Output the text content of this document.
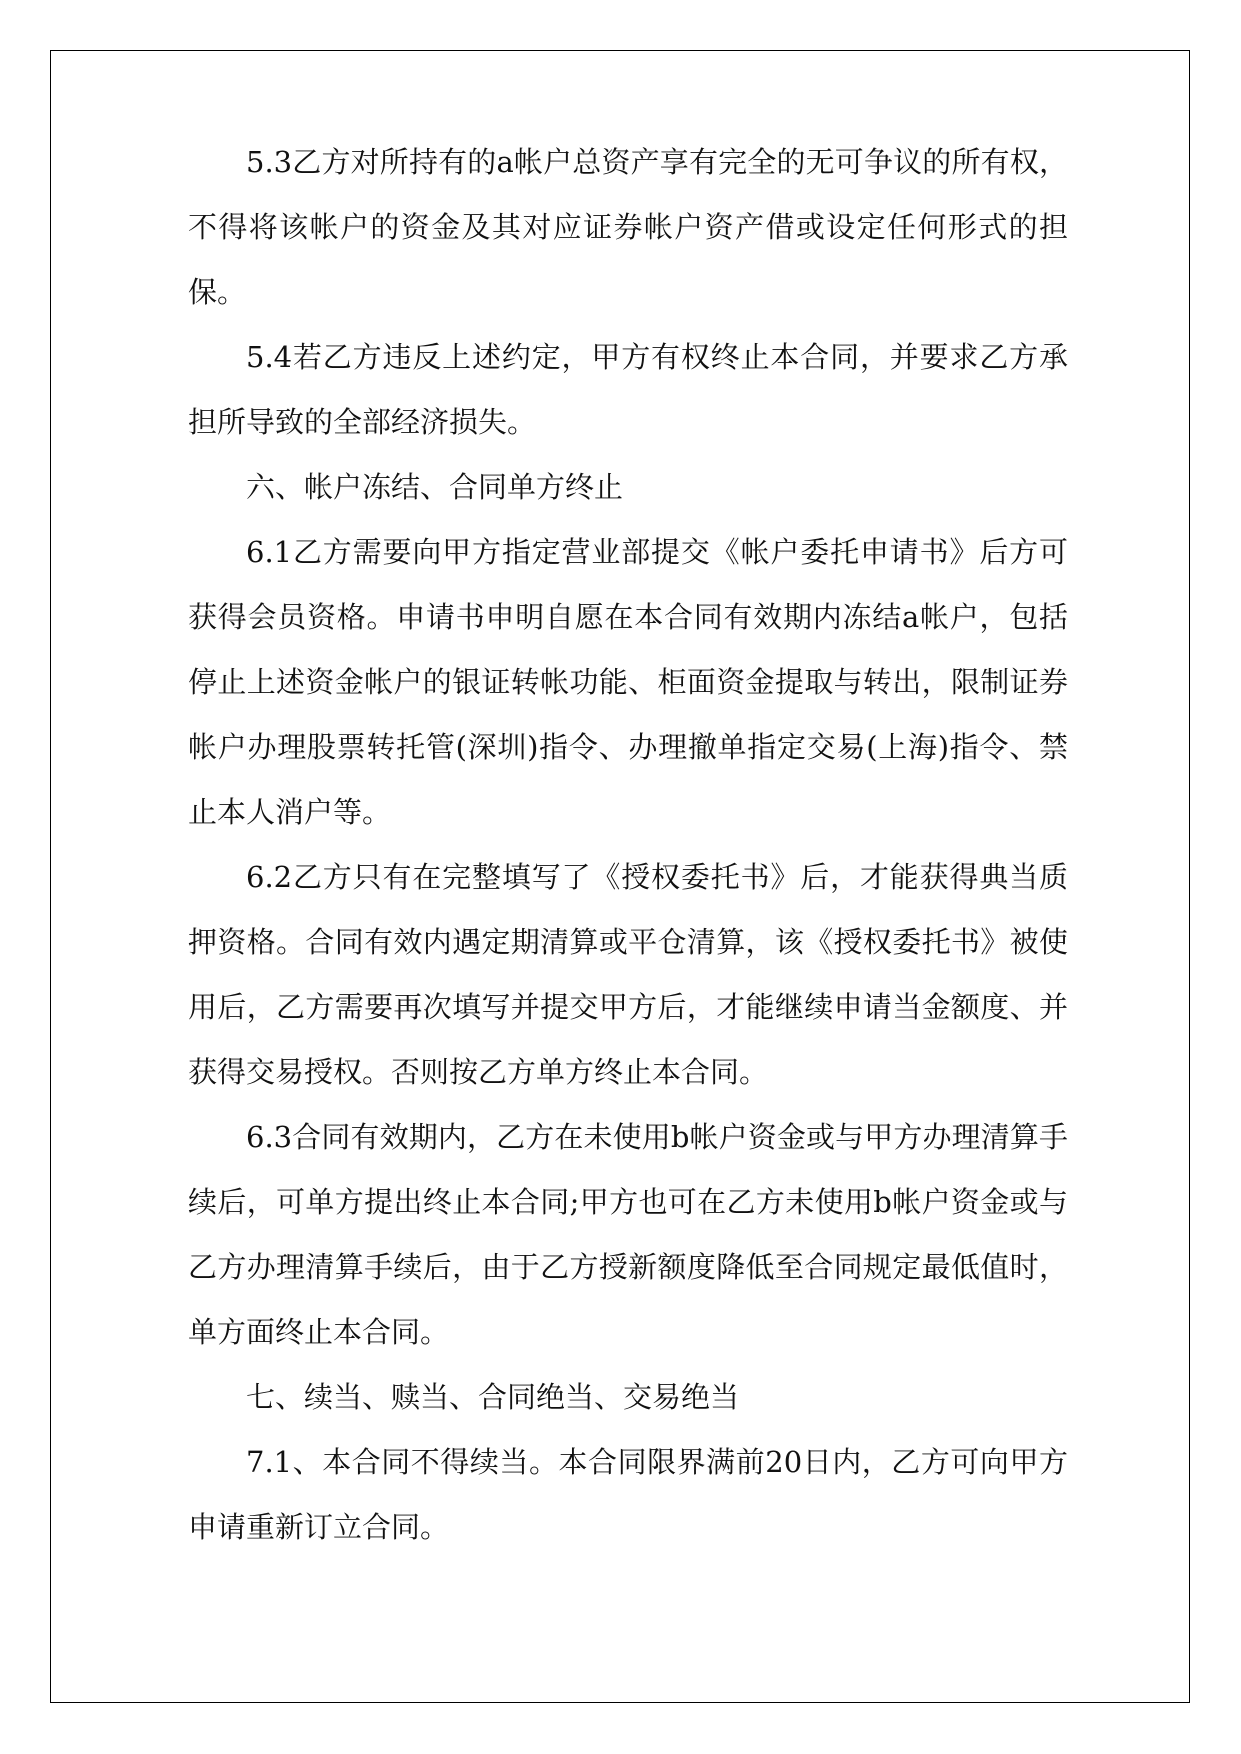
5.3乙方对所持有的a帐户总资产享有完全的无可争议的所有权，不得将该帐户的资金及其对应证券帐户资产借或设定任何形式的担保。

5.4若乙方违反上述约定，甲方有权终止本合同，并要求乙方承担所导致的全部经济损失。

六、帐户冻结、合同单方终止

6.1乙方需要向甲方指定营业部提交《帐户委托申请书》后方可获得会员资格。申请书申明自愿在本合同有效期内冻结a帐户，包括停止上述资金帐户的银证转帐功能、柜面资金提取与转出，限制证券帐户办理股票转托管(深圳)指令、办理撤单指定交易(上海)指令、禁止本人消户等。

6.2乙方只有在完整填写了《授权委托书》后，才能获得典当质押资格。合同有效内遇定期清算或平仓清算，该《授权委托书》被使用后，乙方需要再次填写并提交甲方后，才能继续申请当金额度、并获得交易授权。否则按乙方单方终止本合同。

6.3合同有效期内，乙方在未使用b帐户资金或与甲方办理清算手续后，可单方提出终止本合同;甲方也可在乙方未使用b帐户资金或与乙方办理清算手续后，由于乙方授新额度降低至合同规定最低值时，单方面终止本合同。

七、续当、赎当、合同绝当、交易绝当

7.1、本合同不得续当。本合同限界满前20日内，乙方可向甲方申请重新订立合同。
